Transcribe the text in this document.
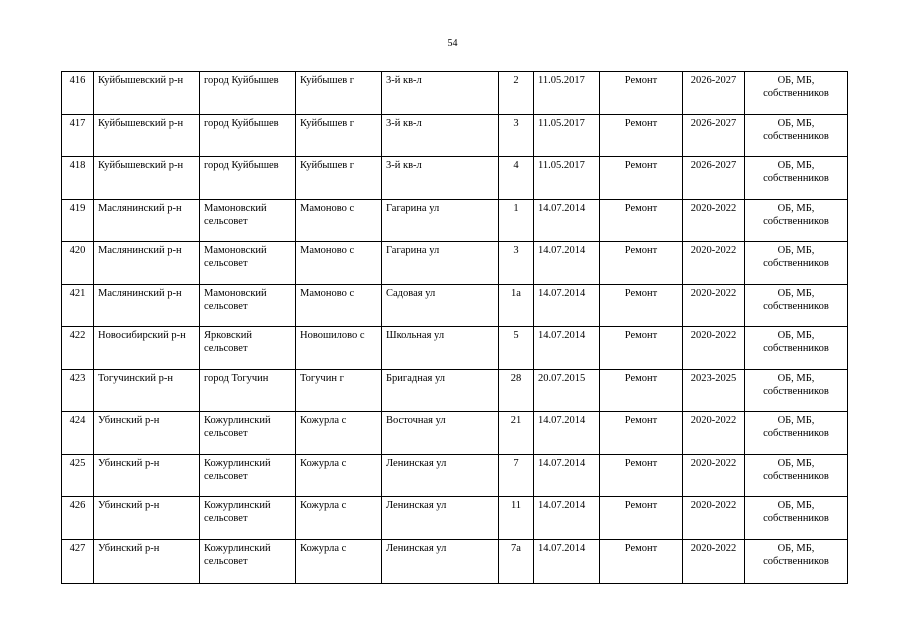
54
416	Куйбышевский р-н	город Куйбышев	Куйбышев г	3-й кв-л	2	11.05.2017	Ремонт	2026-2027	ОБ, МБ, собственников
417	Куйбышевский р-н	город Куйбышев	Куйбышев г	3-й кв-л	3	11.05.2017	Ремонт	2026-2027	ОБ, МБ, собственников
418	Куйбышевский р-н	город Куйбышев	Куйбышев г	3-й кв-л	4	11.05.2017	Ремонт	2026-2027	ОБ, МБ, собственников
419	Маслянинский р-н	Мамоновский сельсовет	Мамоново с	Гагарина ул	1	14.07.2014	Ремонт	2020-2022	ОБ, МБ, собственников
420	Маслянинский р-н	Мамоновский сельсовет	Мамоново с	Гагарина ул	3	14.07.2014	Ремонт	2020-2022	ОБ, МБ, собственников
421	Маслянинский р-н	Мамоновский сельсовет	Мамоново с	Садовая ул	1а	14.07.2014	Ремонт	2020-2022	ОБ, МБ, собственников
422	Новосибирский р-н	Ярковский сельсовет	Новошилово с	Школьная ул	5	14.07.2014	Ремонт	2020-2022	ОБ, МБ, собственников
423	Тогучинский р-н	город Тогучин	Тогучин г	Бригадная ул	28	20.07.2015	Ремонт	2023-2025	ОБ, МБ, собственников
424	Убинский р-н	Кожурлинский сельсовет	Кожурла с	Восточная ул	21	14.07.2014	Ремонт	2020-2022	ОБ, МБ, собственников
425	Убинский р-н	Кожурлинский сельсовет	Кожурла с	Ленинская ул	7	14.07.2014	Ремонт	2020-2022	ОБ, МБ, собственников
426	Убинский р-н	Кожурлинский сельсовет	Кожурла с	Ленинская ул	11	14.07.2014	Ремонт	2020-2022	ОБ, МБ, собственников
427	Убинский р-н	Кожурлинский сельсовет	Кожурла с	Ленинская ул	7а	14.07.2014	Ремонт	2020-2022	ОБ, МБ, собственников
